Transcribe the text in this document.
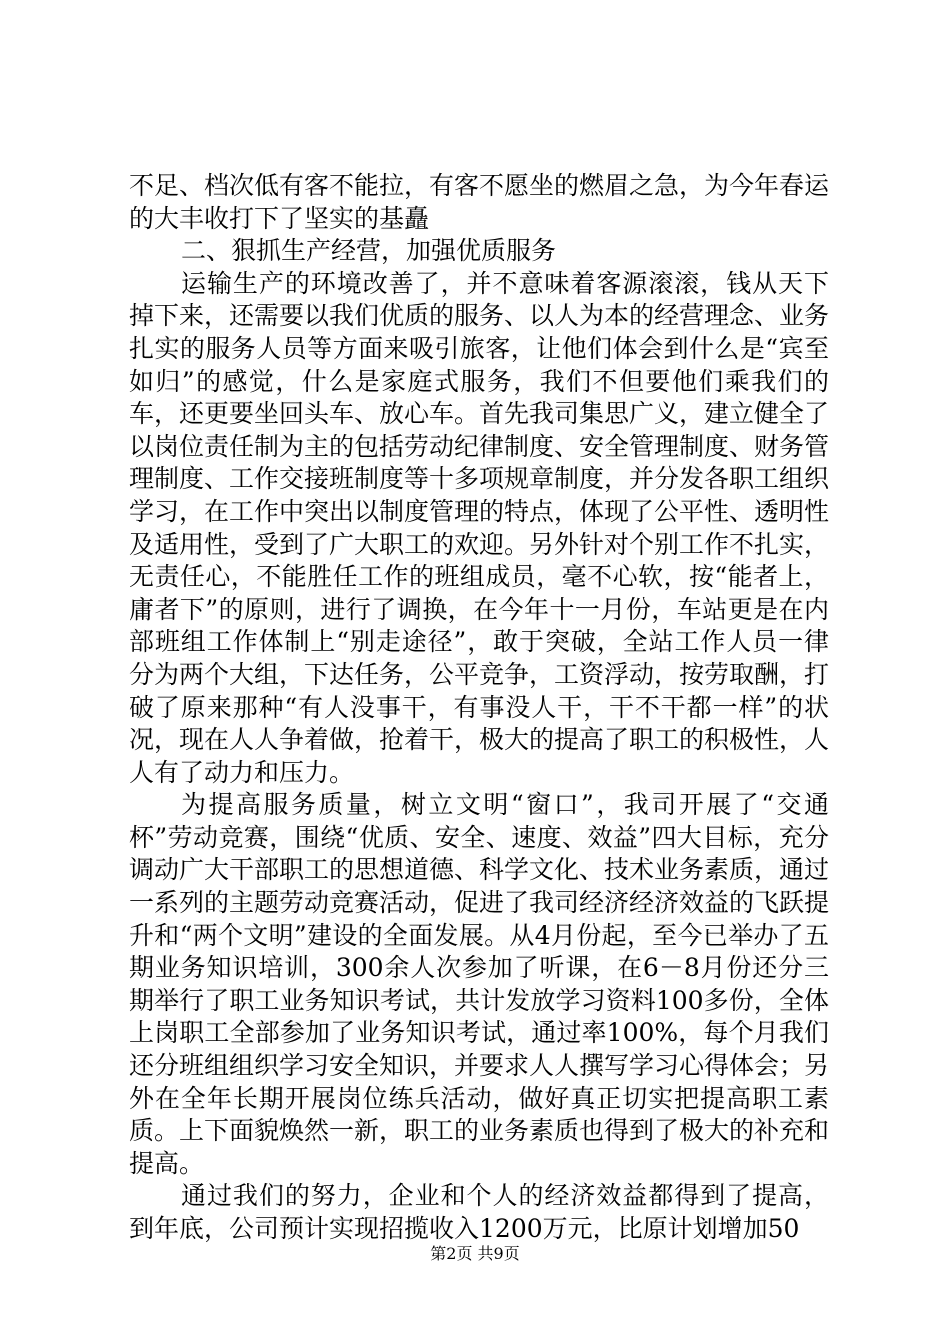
不足、档次低有客不能拉，有客不愿坐的燃眉之急，为今年春运的大丰收打下了坚实的基矗

二、狠抓生产经营，加强优质服务

运输生产的环境改善了，并不意味着客源滚滚，钱从天下掉下来，还需要以我们优质的服务、以人为本的经营理念、业务扎实的服务人员等方面来吸引旅客，让他们体会到什么是“宾至如归”的感觉，什么是家庭式服务，我们不但要他们乘我们的车，还更要坐回头车、放心车。首先我司集思广义，建立健全了以岗位责任制为主的包括劳动纪律制度、安全管理制度、财务管理制度、工作交接班制度等十多项规章制度，并分发各职工组织学习，在工作中突出以制度管理的特点，体现了公平性、透明性及适用性，受到了广大职工的欢迎。另外针对个别工作不扎实，无责任心，不能胜任工作的班组成员，毫不心软，按“能者上，庸者下”的原则，进行了调换，在今年十一月份，车站更是在内部班组工作体制上“别走途径”，敢于突破，全站工作人员一律分为两个大组，下达任务，公平竞争，工资浮动，按劳取酬，打破了原来那种“有人没事干，有事没人干，干不干都一样”的状况，现在人人争着做，抢着干，极大的提高了职工的积极性，人人有了动力和压力。

为提高服务质量，树立文明“窗口”，我司开展了“交通杯”劳动竞赛，围绕“优质、安全、速度、效益”四大目标，充分调动广大干部职工的思想道德、科学文化、技术业务素质，通过一系列的主题劳动竞赛活动，促进了我司经济经济效益的飞跃提升和“两个文明”建设的全面发展。从4月份起，至今已举办了五期业务知识培训，300余人次参加了听课，在6－8月份还分三期举行了职工业务知识考试，共计发放学习资料100多份，全体上岗职工全部参加了业务知识考试，通过率100%，每个月我们还分班组组织学习安全知识，并要求人人撰写学习心得体会；另外在全年长期开展岗位练兵活动，做好真正切实把提高职工素质。上下面貌焕然一新，职工的业务素质也得到了极大的补充和提高。

通过我们的努力，企业和个人的经济效益都得到了提高，到年底，公司预计实现招揽收入1200万元，比原计划增加50

第2页 共9页
